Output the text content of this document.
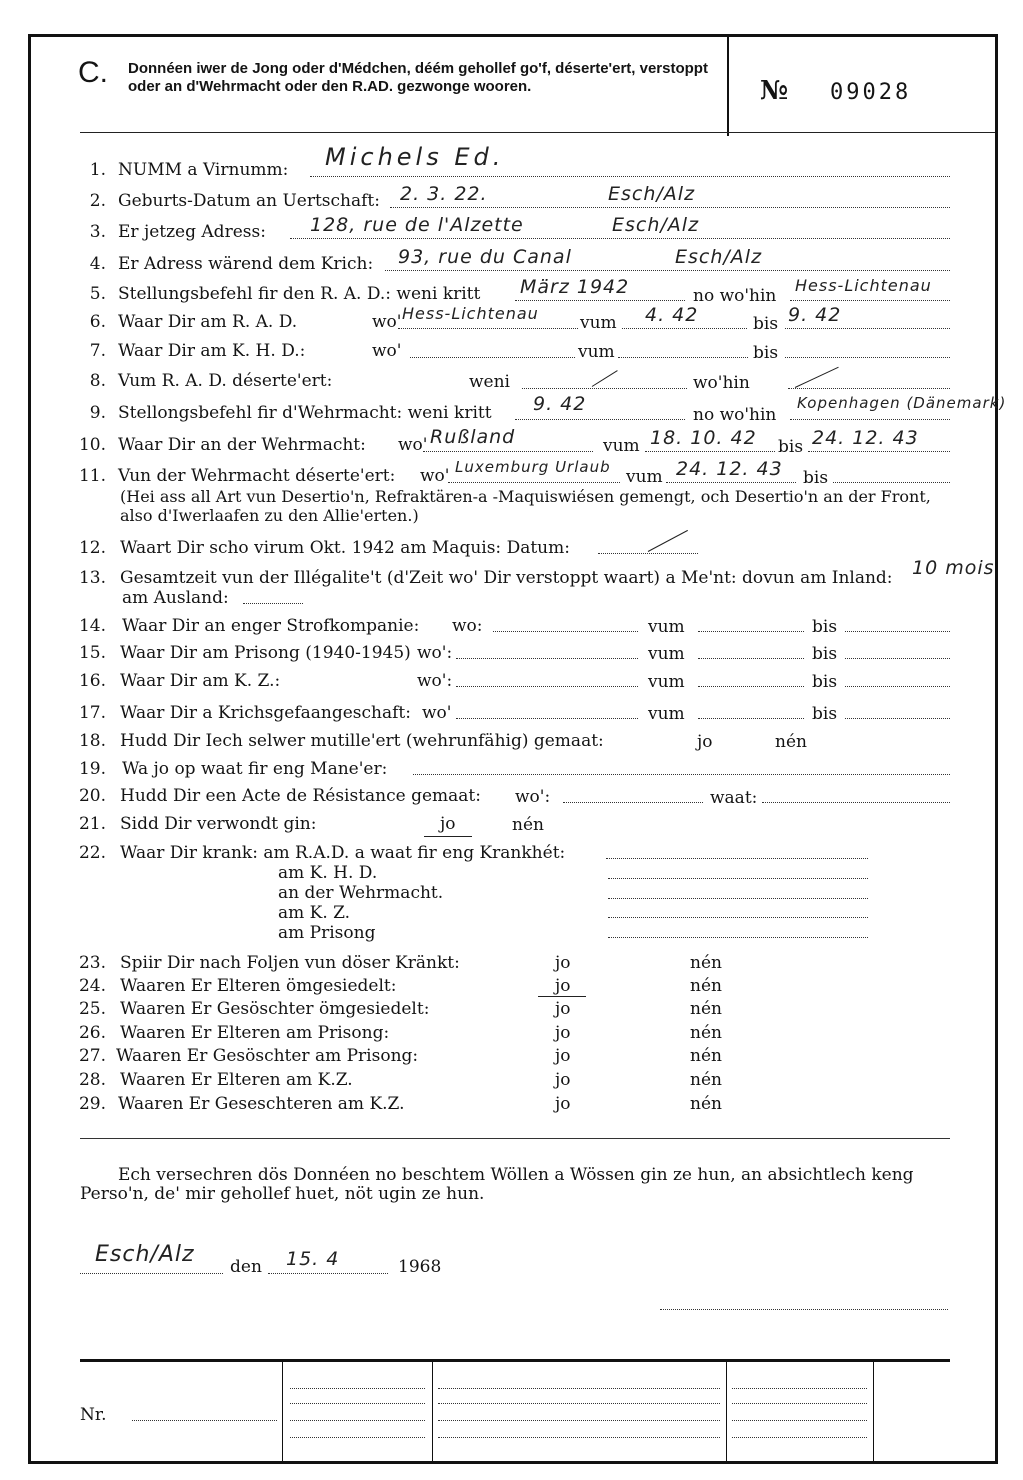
C. Donnéen iwer de Jong oder d'Médchen, déém gehollef go'f, déserte'ert, verstoppt oder an d'Wehrmacht oder den R.AD. gezwonge wooren.	№ 09028
1. NUMM a Virnumm: Michels Ed.
2. Geburts-Datum an Uertschaft: 2. 3. 22.	Esch/Alz
3. Er jetzeg Adress: 128, rue de l'Alzette	Esch/Alz
4. Er Adress wärend dem Krich: 93, rue du Canal	Esch/Alz
5. Stellungsbefehl fir den R. A. D.: weni kritt März 1942	no wo'hin
Hess-Lichtenau
6. Waar Dir am R. A. D.	wo' Hess-Lichtenau vum 4. 42	bis 9. 42
7. Waar Dir am K. H. D.:	wo'	vum	bis
8. Vum R. A. D. déserte'ert:	weni	wo'hin
9. Stellongsbefehl fir d'Wehrmacht: weni kritt 9. 42	no wo'hin
Kopenhagen (Dänemark)
10. Waar Dir an der Wehrmacht: wo' Rußland	vum 18. 10. 42 bis 24. 12. 43
11. Vun der Wehrmacht déserte'ert: wo' Luxemburg Urlaub vum 24. 12. 43 bis
(Hei ass all Art vun Desertio'n, Refraktären-a -Maquiswiésen gemengt, och Desertio'n an der Front, also d'Iwerlaafen zu den Allie'erten.)
12. Waart Dir scho virum Okt. 1942 am Maquis: Datum:
13. Gesamtzeit vun der Illégalite't (d'Zeit wo' Dir verstoppt waart) a Me'nt: dovun am Inland: 10 mois
am Ausland:
14. Waar Dir an enger Strofkompanie: wo:	vum	bis
15. Waar Dir am Prisong (1940-1945) wo':	vum	bis
16. Waar Dir am K. Z.:	wo':	vum	bis
17. Waar Dir a Krichsgefaangeschaft: wo'	vum	bis
18. Hudd Dir Iech selwer mutille'ert (wehrunfähig) gemaat:	jo	nén
19. Wa jo op waat fir eng Mane'er:
20. Hudd Dir een Acte de Résistance gemaat: wo':	waat:
21. Sidd Dir verwondt gin:	jo	nén
22. Waar Dir krank: am R.A.D. a waat fir eng Krankhét:
am K. H. D.
an der Wehrmacht.
am K. Z.
am Prisong
23. Spiir Dir nach Foljen vun döser Kränkt:	jo	nén
24. Waaren Er Elteren ömgesiedelt:	jo	nén
25. Waaren Er Gesöschter ömgesiedelt:	jo	nén
26. Waaren Er Elteren am Prisong:	jo	nén
27. Waaren Er Gesöschter am Prisong:	jo	nén
28. Waaren Er Elteren am K.Z.	jo	nén
29. Waaren Er Geseschteren am K.Z.	jo	nén
Ech versechren dös Donnéen no beschtem Wöllen a Wössen gin ze hun, an absichtlech keng Perso'n, de' mir gehollef huet, nöt ugin ze hun.
Esch/Alz den 15. 4	1968
Nr.
